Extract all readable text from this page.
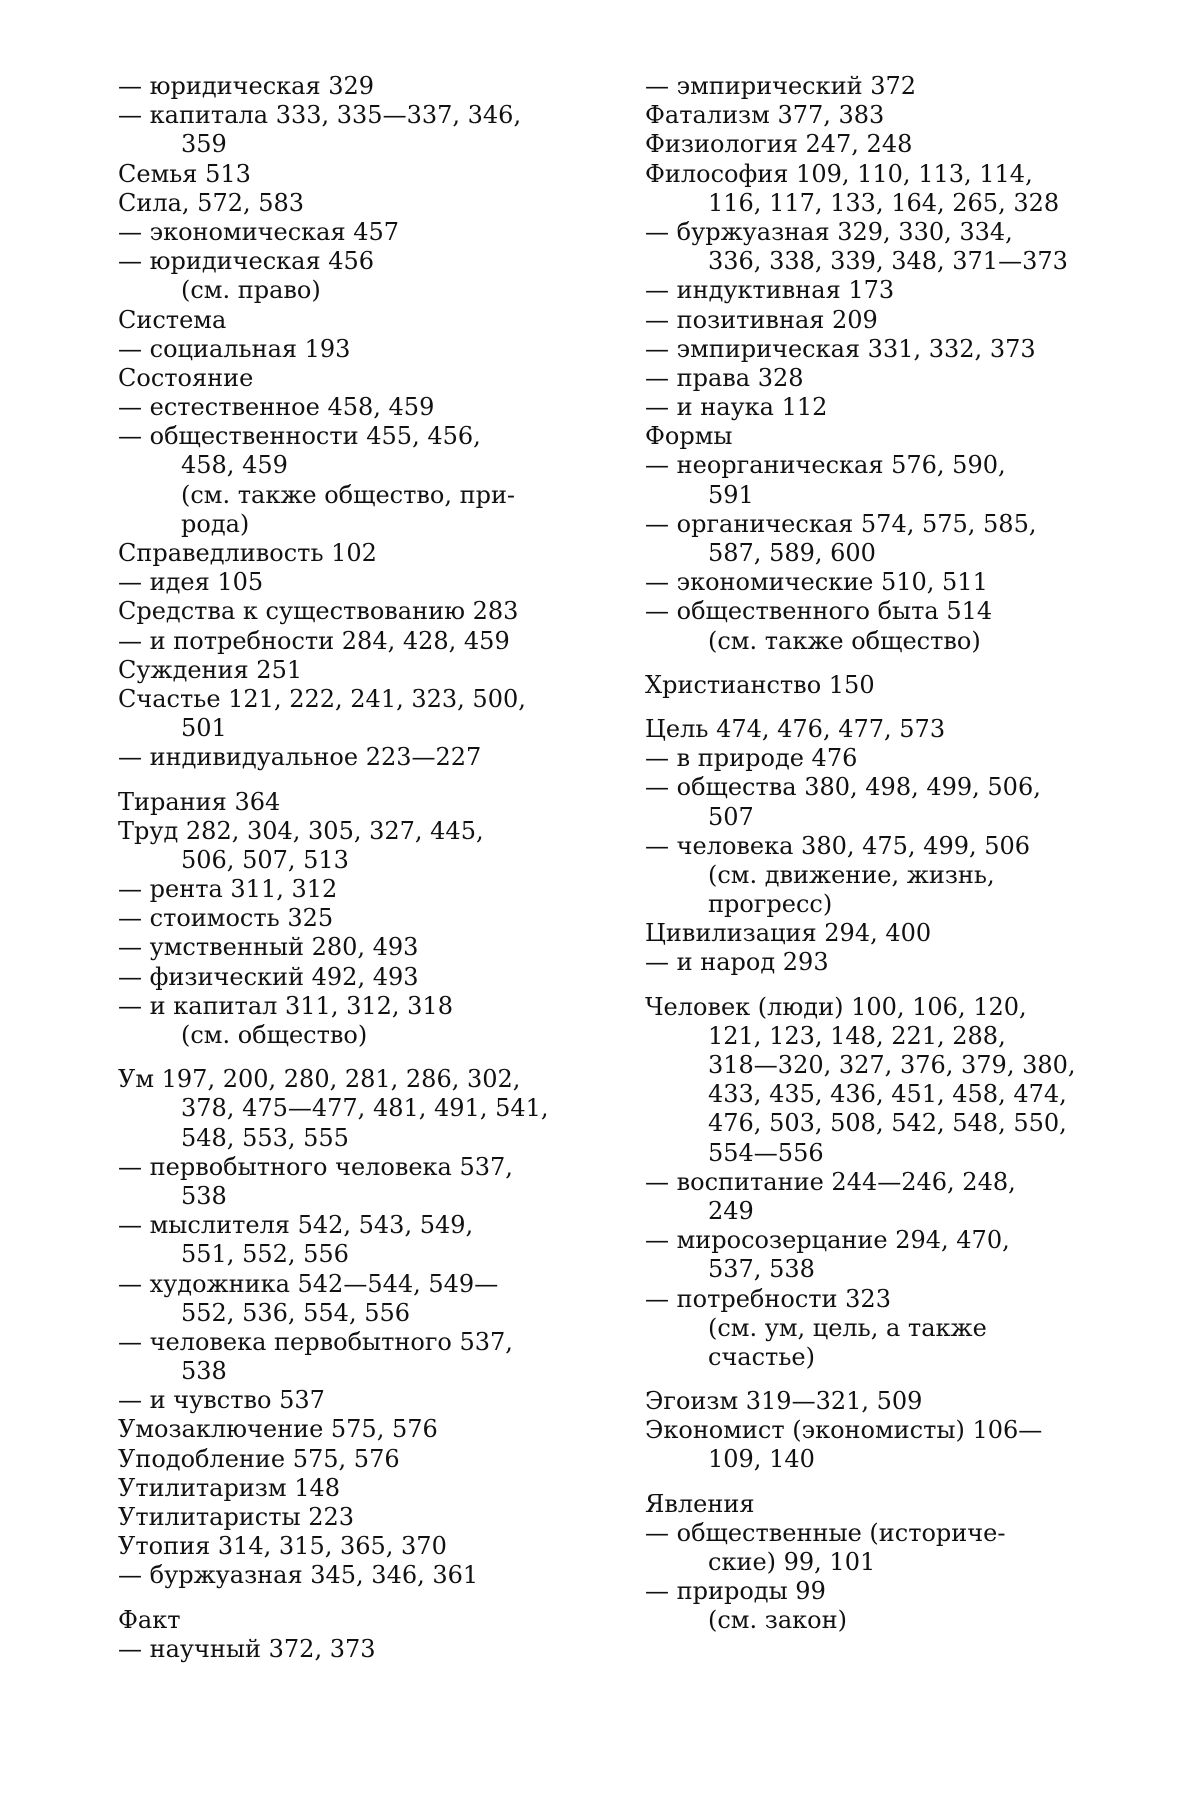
— юридическая 329
— капитала 333, 335—337, 346,
359
Семья 513
Сила, 572, 583
— экономическая 457
— юридическая 456
(см. право)
Система
— социальная 193
Состояние
— естественное 458, 459
— общественности 455, 456,
458, 459
(см. также общество, при-
рода)
Справедливость 102
— идея 105
Средства к существованию 283
— и потребности 284, 428, 459
Суждения 251
Счастье 121, 222, 241, 323, 500,
501
— индивидуальное 223—227
Тирания 364
Труд 282, 304, 305, 327, 445,
506, 507, 513
— рента 311, 312
— стоимость 325
— умственный 280, 493
— физический 492, 493
— и капитал 311, 312, 318
(см. общество)
Ум 197, 200, 280, 281, 286, 302,
378, 475—477, 481, 491, 541,
548, 553, 555
— первобытного человека 537,
538
— мыслителя 542, 543, 549,
551, 552, 556
— художника 542—544, 549—
552, 536, 554, 556
— человека первобытного 537,
538
— и чувство 537
Умозаключение 575, 576
Уподобление 575, 576
Утилитаризм 148
Утилитаристы 223
Утопия 314, 315, 365, 370
— буржуазная 345, 346, 361
Факт
— научный 372, 373
— эмпирический 372
Фатализм 377, 383
Физиология 247, 248
Философия 109, 110, 113, 114,
116, 117, 133, 164, 265, 328
— буржуазная 329, 330, 334,
336, 338, 339, 348, 371—373
— индуктивная 173
— позитивная 209
— эмпирическая 331, 332, 373
— права 328
— и наука 112
Формы
— неорганическая 576, 590,
591
— органическая 574, 575, 585,
587, 589, 600
— экономические 510, 511
— общественного быта 514
(см. также общество)
Христианство 150
Цель 474, 476, 477, 573
— в природе 476
— общества 380, 498, 499, 506,
507
— человека 380, 475, 499, 506
(см. движение, жизнь,
прогресс)
Цивилизация 294, 400
— и народ 293
Человек (люди) 100, 106, 120,
121, 123, 148, 221, 288,
318—320, 327, 376, 379, 380,
433, 435, 436, 451, 458, 474,
476, 503, 508, 542, 548, 550,
554—556
— воспитание 244—246, 248,
249
— миросозерцание 294, 470,
537, 538
— потребности 323
(см. ум, цель, а также
счастье)
Эгоизм 319—321, 509
Экономист (экономисты) 106—
109, 140
Явления
— общественные (историче-
ские) 99, 101
— природы 99
(см. закон)
